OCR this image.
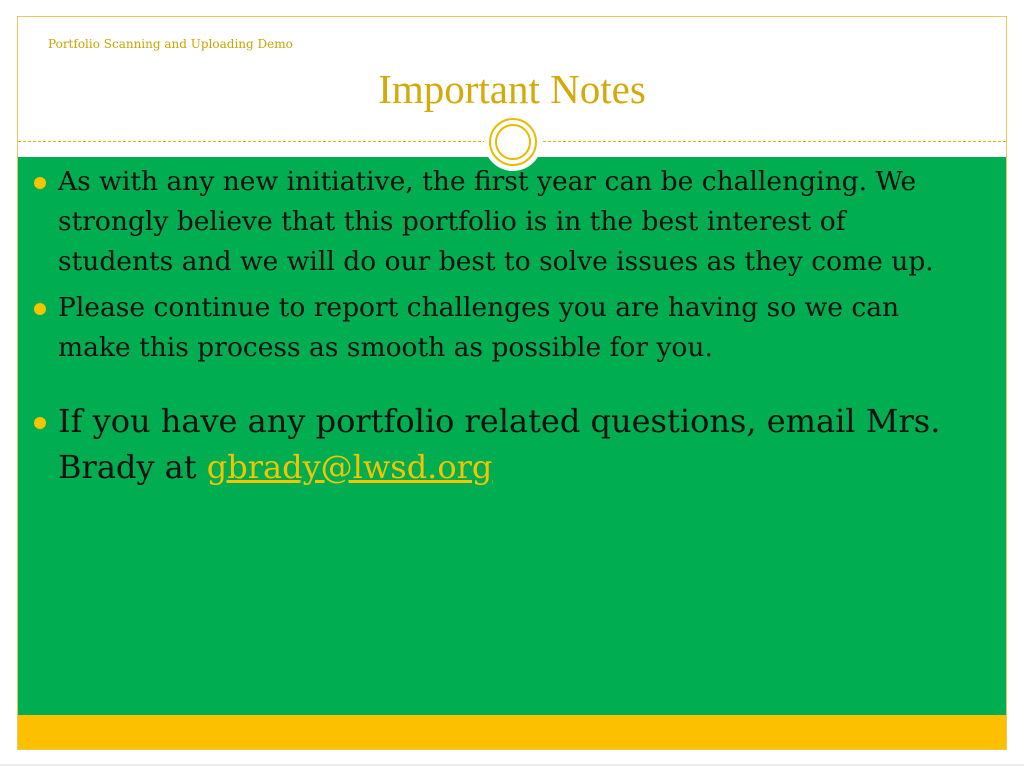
Portfolio Scanning and Uploading Demo
Important Notes
As with any new initiative, the first year can be challenging. We strongly believe that this portfolio is in the best interest of students and we will do our best to solve issues as they come up.
Please continue to report challenges you are having so we can make this process as smooth as possible for you.
If you have any portfolio related questions, email Mrs. Brady at gbrady@lwsd.org
